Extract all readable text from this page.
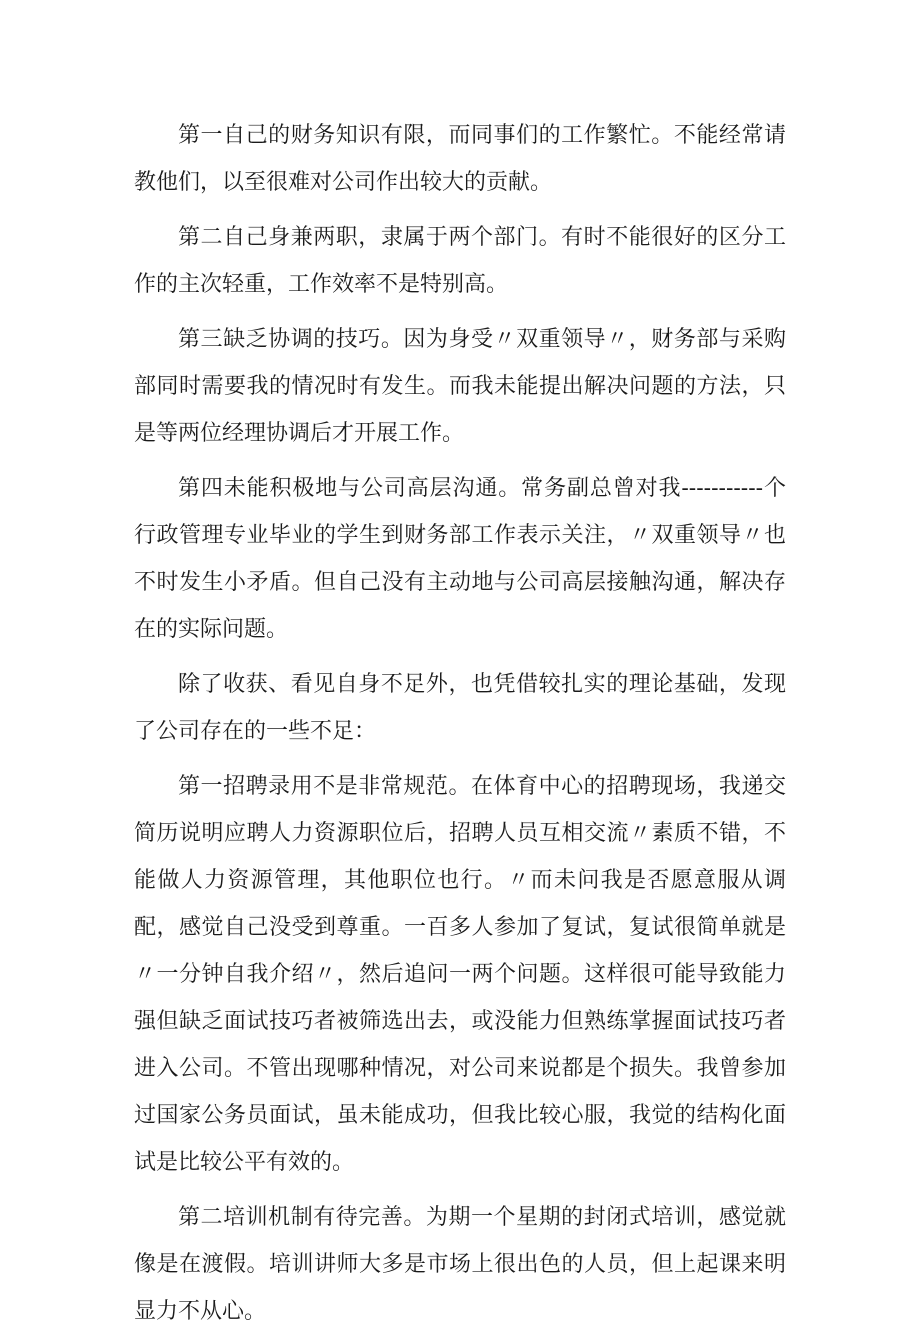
第一自己的财务知识有限，而同事们的工作繁忙。不能经常请教他们，以至很难对公司作出较大的贡献。

第二自己身兼两职，隶属于两个部门。有时不能很好的区分工作的主次轻重，工作效率不是特别高。

第三缺乏协调的技巧。因为身受〃双重领导〃，财务部与采购部同时需要我的情况时有发生。而我未能提出解决问题的方法，只是等两位经理协调后才开展工作。

第四未能积极地与公司高层沟通。常务副总曾对我-----------个 行政管理专业毕业的学生到财务部工作表示关注，〃双重领导〃也不时发生小矛盾。但自己没有主动地与公司高层接触沟通，解决存在的实际问题。

除了收获、看见自身不足外，也凭借较扎实的理论基础，发现了公司存在的一些不足：

第一招聘录用不是非常规范。在体育中心的招聘现场，我递交简历说明应聘人力资源职位后，招聘人员互相交流〃素质不错，不能做人力资源管理，其他职位也行。〃而未问我是否愿意服从调配，感觉自己没受到尊重。一百多人参加了复试，复试很简单就是〃一分钟自我介绍〃，然后追问一两个问题。这样很可能导致能力强但缺乏面试技巧者被筛选出去，或没能力但熟练掌握面试技巧者进入公司。不管出现哪种情况，对公司来说都是个损失。我曾参加过国家公务员面试，虽未能成功，但我比较心服，我觉的结构化面试是比较公平有效的。

第二培训机制有待完善。为期一个星期的封闭式培训，感觉就像是在渡假。培训讲师大多是市场上很出色的人员，但上起课来明显力不从心。
